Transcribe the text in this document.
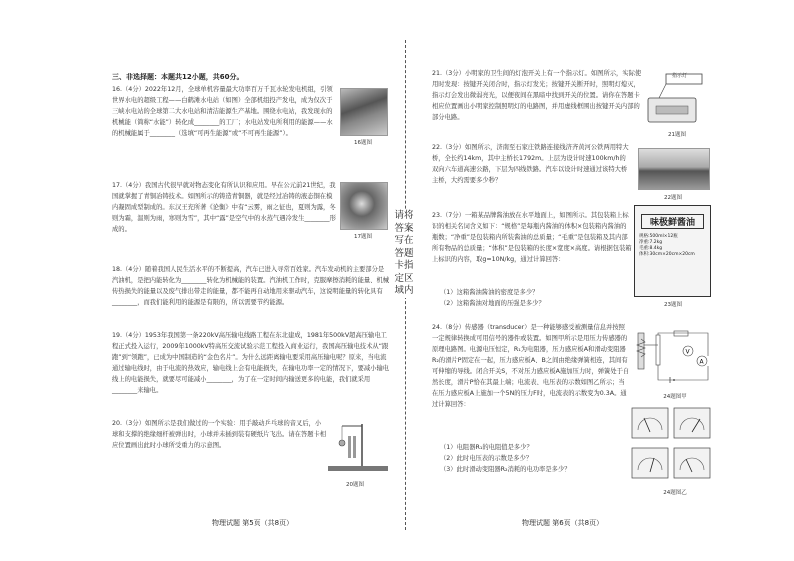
三、非选择题：本题共12小题，共60分。
16.（4分）2022年12月，全球单机容量最大功率百万千瓦水轮发电机组，引领世界水电的超级工程——白鹤滩水电站（如图）全部机组投产发电，成为仅次于三峡水电站的全球第二大水电站和清洁能源生产基地。围绕水电站，我发现水的机械能（简称“水能”）转化成________的工厂；水电站发电所利用的能源——水的机械能属于________（选填“可再生能源”或“不可再生能源”）。
16题图
17.（4分）我国古代很早就对物态变化有所认识和应用。早在公元前21世纪，我国就掌握了青铜冶铸技术。如图所示的铸造青铜器，就是经过冶铸的液态铜在模内凝固成型制成的。东汉王充所著《论衡》中有“云雾，雨之征也，夏则为露，冬则为霜，温则为雨，寒则为雪”，其中“露”是空气中的水蒸气遇冷发生________形成的。
17题图
18.（4分）随着我国人民生活水平的不断提高，汽车已进入寻常百姓家。汽车发动机的主要部分是汽油机，是把内能转化为________转化为机械能的装置。汽油机工作时，克服摩擦消耗的能量、机械传热损失的能量以及废气排出带走的能量，都不能再自动地用来驱动汽车，这说明能量的转化具有________，而我们能利用的能源是有限的，所以需要节约能源。
19.（4分）1953年我国第一条220kV高压输电线路工程在东北建成，1981年500kV超高压输电工程正式投入运行，2009年1000kV特高压交流试验示范工程投入商业运行，我国高压输电技术从“跟跑”到“领跑”，已成为中国制造的“金色名片”。为什么远距离输电要采用高压输电呢？原来，当电流通过输电线时，由于电流的热效应，输电线上会有电能损失，在输电功率一定的情况下，要减小输电线上的电能损失，就要尽可能减小________，为了在一定时间内输送更多的电能，我们就采用________来输电。
20.（3分）如图所示是我们做过的一个实验：用手敲动乒乓球的音叉后，小球和支撑的绝缘细杆被弹出时，小球并未插到装有硬纸片飞出。请在答题卡相应位置画出此时小球所受重力的示意图。
20题图
物理试题 第5页（共8页）
请将答案写在答题卡指定区域内
21.（3分）小明家的卫生间的灯泡开关上有一个指示灯。如图所示，实际使用时发现：按键开关闭合时，指示灯发光；按键开关断开时，照明灯熄灭，指示灯会发出微弱亮光，以便夜间在黑暗中找到开关的位置。请你在答题卡相应位置画出小明家控制照明灯的电路图，并用虚线框围出按键开关内部的部分电路。
指示灯
21题图
22.（3分）如图所示，济南至石家庄铁路连接线济齐黄河公铁两用特大桥，全长约14km，其中主桥长1792m。上层为设计时速100km/h的双向六车道高速公路，下层为四线铁路。汽车以设计时速通过该特大桥主桥，大约需要多少秒？
22题图
23.（7分）一箱某品牌酱油放在水平地面上，如图所示。其包装箱上标识的相关名词含义如下：“规格”是每瓶内酱油的体积×包装箱内酱油的瓶数；“净重”是包装箱内所装酱油的总质量；“毛重”是包装箱及其内部所有物品的总质量；“体积”是包装箱的长度×宽度×高度。请根据包装箱上标识的内容，取g=10N/kg，通过计算回答：
（1）这箱酱油酱油的密度是多少？
（2）这箱酱油对地面的压强是多少？
味极鲜酱油
规格:500ml×12瓶
净重:7.2kg
毛重:8.4kg
体积:30cm×20cm×20cm
23题图
24.（8分）传感器（transducer）是一种能够感受被测量信息并按照一定规律转换成可用信号的器件或装置。如图甲所示是用压力传感器的原理电路图。电源电压恒定，R₁为电阻器，压力感应板A和滑动变阻器R₂的滑片P固定在一起，压力感应板A、B之间由绝缘弹簧相连，其间有可伸缩的导线。闭合开关S，不对压力感应板A施加压力时，弹簧处于自然长度，滑片P恰在其最上端；电流表、电压表的示数如图乙所示；当在压力感应板A上施加一个5N的压力F时，电流表的示数变为0.3A。通过计算回答：
（1）电阻器R₁的电阻值是多少？
（2）此时电压表的示数是多少？
（3）此时滑动变阻器R₂消耗的电功率是多少？
V
A
24题图甲
24题图乙
物理试题 第6页（共8页）
